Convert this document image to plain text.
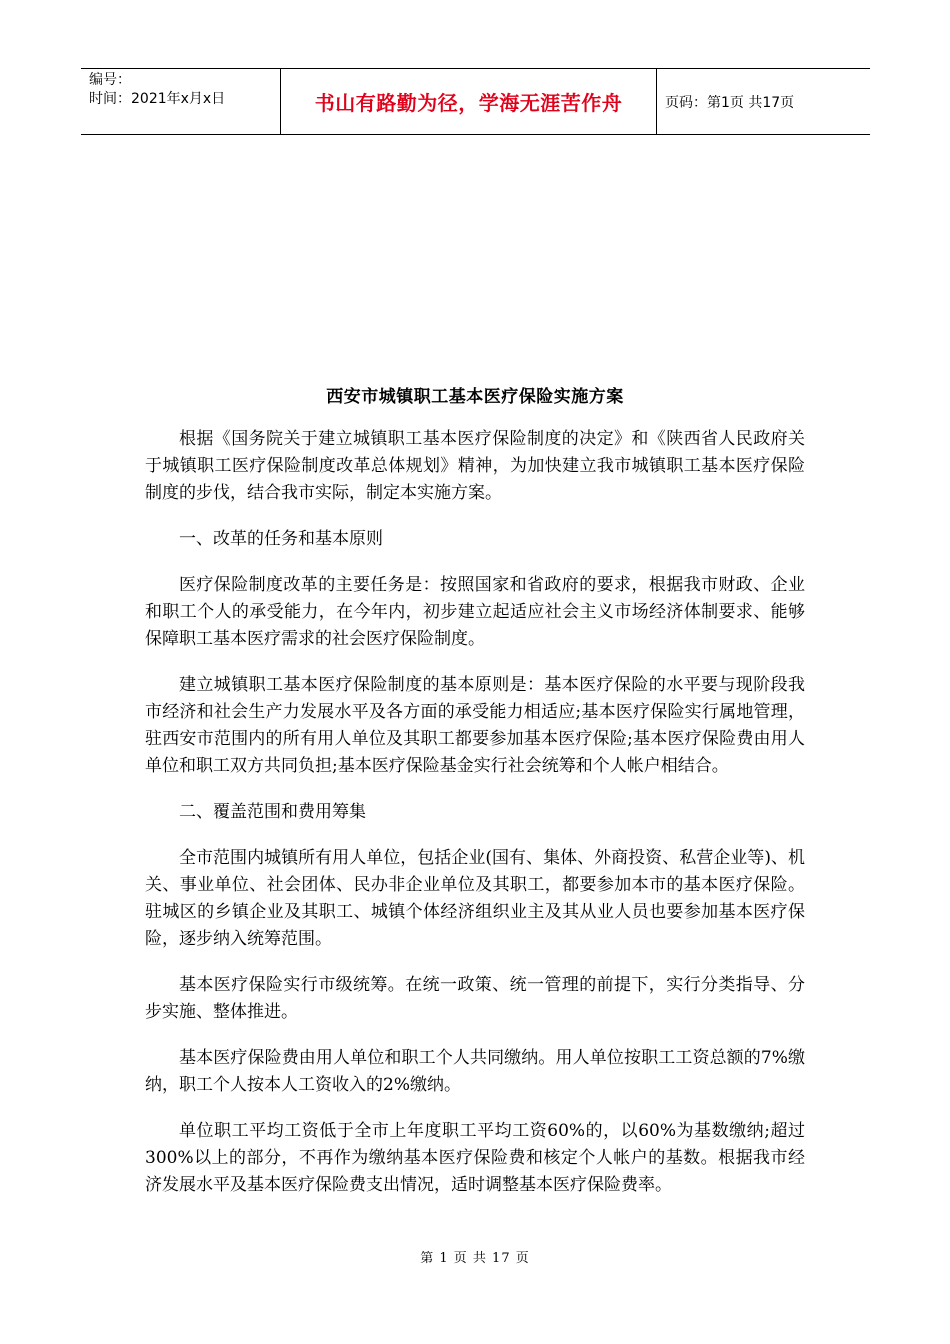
编号：
时间：2021年x月x日	书山有路勤为径，学海无涯苦作舟	页码：第1页 共17页
西安市城镇职工基本医疗保险实施方案

根据《国务院关于建立城镇职工基本医疗保险制度的决定》和《陕西省人民政府关于城镇职工医疗保险制度改革总体规划》精神，为加快建立我市城镇职工基本医疗保险制度的步伐，结合我市实际，制定本实施方案。

一、改革的任务和基本原则

医疗保险制度改革的主要任务是：按照国家和省政府的要求，根据我市财政、企业和职工个人的承受能力，在今年内，初步建立起适应社会主义市场经济体制要求、能够保障职工基本医疗需求的社会医疗保险制度。

建立城镇职工基本医疗保险制度的基本原则是：基本医疗保险的水平要与现阶段我市经济和社会生产力发展水平及各方面的承受能力相适应;基本医疗保险实行属地管理，驻西安市范围内的所有用人单位及其职工都要参加基本医疗保险;基本医疗保险费由用人单位和职工双方共同负担;基本医疗保险基金实行社会统筹和个人帐户相结合。

二、覆盖范围和费用筹集

全市范围内城镇所有用人单位，包括企业(国有、集体、外商投资、私营企业等)、机关、事业单位、社会团体、民办非企业单位及其职工，都要参加本市的基本医疗保险。驻城区的乡镇企业及其职工、城镇个体经济组织业主及其从业人员也要参加基本医疗保险，逐步纳入统筹范围。

基本医疗保险实行市级统筹。在统一政策、统一管理的前提下，实行分类指导、分步实施、整体推进。

基本医疗保险费由用人单位和职工个人共同缴纳。用人单位按职工工资总额的7%缴纳，职工个人按本人工资收入的2%缴纳。

单位职工平均工资低于全市上年度职工平均工资60%的，以60%为基数缴纳;超过300%以上的部分，不再作为缴纳基本医疗保险费和核定个人帐户的基数。根据我市经济发展水平及基本医疗保险费支出情况，适时调整基本医疗保险费率。

第 1 页 共 17 页
